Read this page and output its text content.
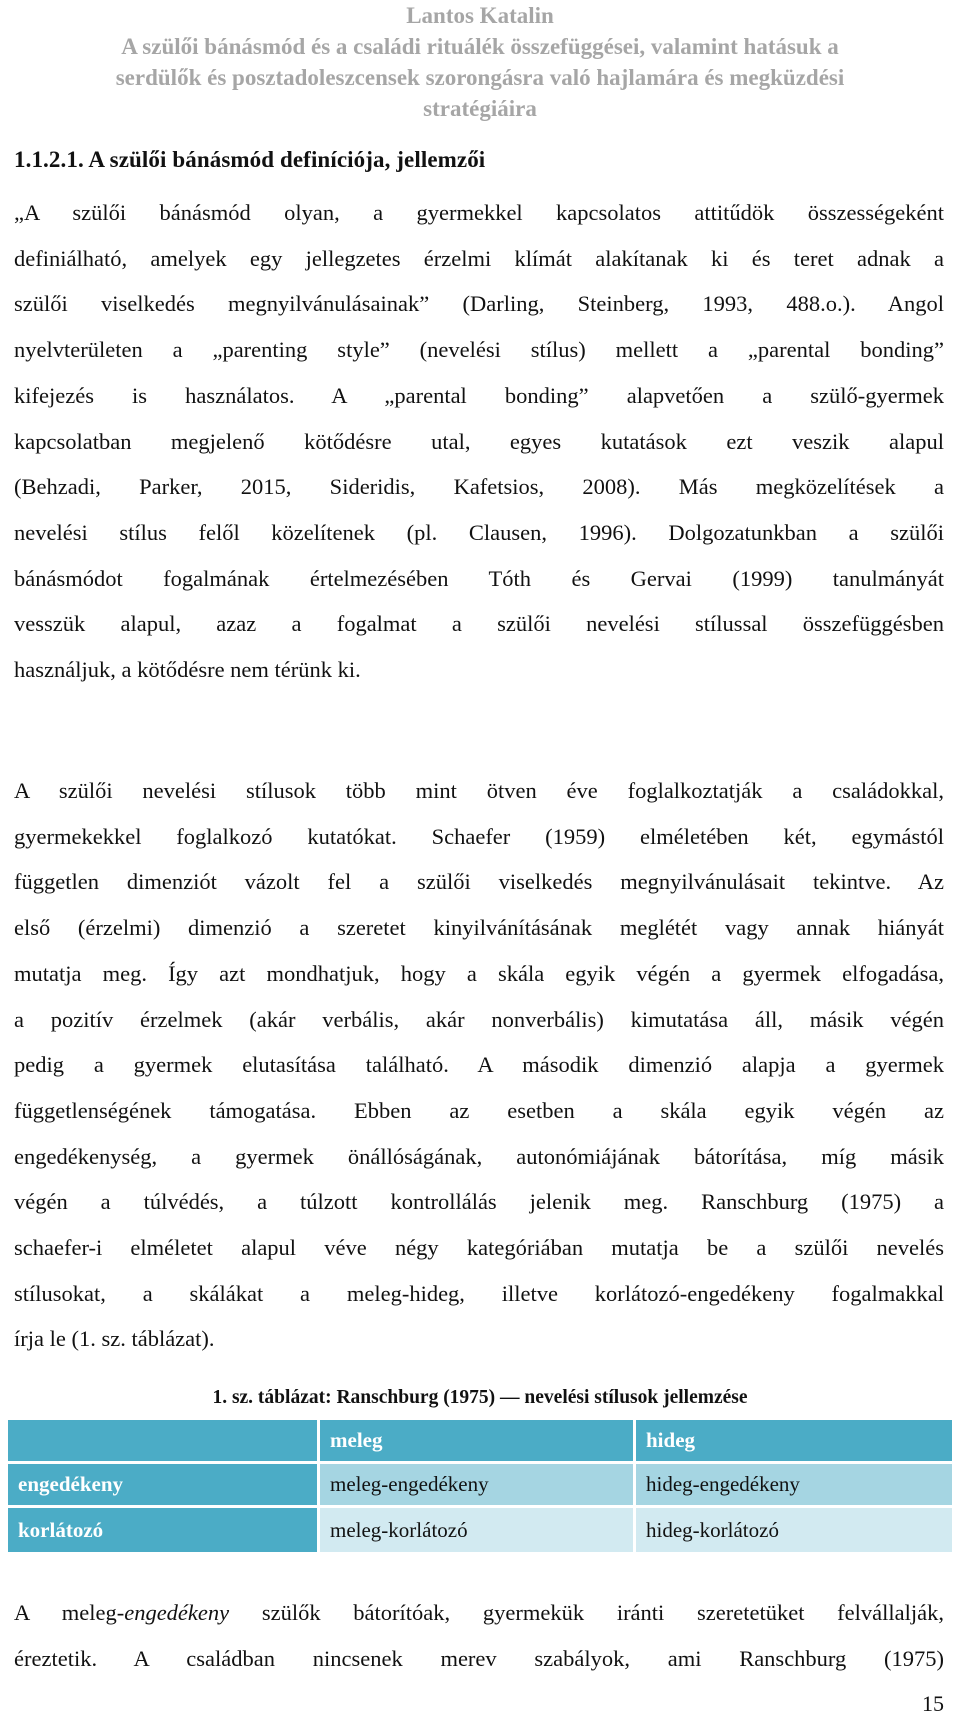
Lantos Katalin
A szülői bánásmód és a családi rituálék összefüggései, valamint hatásuk a
serdülők és posztadoleszcensek szorongásra való hajlamára és megküzdési
stratégiáira
1.1.2.1. A szülői bánásmód definíciója, jellemzői
„A szülői bánásmód olyan, a gyermekkel kapcsolatos attitűdök összességeként
definiálható, amelyek egy jellegzetes érzelmi klímát alakítanak ki és teret adnak a
szülői viselkedés megnyilvánulásainak” (Darling, Steinberg, 1993, 488.o.). Angol
nyelvterületen a „parenting style” (nevelési stílus) mellett a „parental bonding”
kifejezés is használatos. A „parental bonding” alapvetően a szülő-gyermek
kapcsolatban megjelenő kötődésre utal, egyes kutatások ezt veszik alapul
(Behzadi, Parker, 2015, Sideridis, Kafetsios, 2008). Más megközelítések a
nevelési stílus felől közelítenek (pl. Clausen, 1996). Dolgozatunkban a szülői
bánásmódot fogalmának értelmezésében Tóth és Gervai (1999) tanulmányát
vesszük alapul, azaz a fogalmat a szülői nevelési stílussal összefüggésben
használjuk, a kötődésre nem térünk ki.
A szülői nevelési stílusok több mint ötven éve foglalkoztatják a családokkal,
gyermekekkel foglalkozó kutatókat. Schaefer (1959) elméletében két, egymástól
független dimenziót vázolt fel a szülői viselkedés megnyilvánulásait tekintve. Az
első (érzelmi) dimenzió a szeretet kinyilvánításának meglétét vagy annak hiányát
mutatja meg. Így azt mondhatjuk, hogy a skála egyik végén a gyermek elfogadása,
a pozitív érzelmek (akár verbális, akár nonverbális) kimutatása áll, másik végén
pedig a gyermek elutasítása található. A második dimenzió alapja a gyermek
függetlenségének támogatása. Ebben az esetben a skála egyik végén az
engedékenység, a gyermek önállóságának, autonómiájának bátorítása, míg másik
végén a túlvédés, a túlzott kontrollálás jelenik meg. Ranschburg (1975) a
schaefer-i elméletet alapul véve négy kategóriában mutatja be a szülői nevelés
stílusokat, a skálákat a meleg-hideg, illetve korlátozó-engedékeny fogalmakkal
írja le (1. sz. táblázat).
1. sz. táblázat: Ranschburg (1975) — nevelési stílusok jellemzése
	meleg	hideg
engedékeny	meleg-engedékeny	hideg-engedékeny
korlátozó	meleg-korlátozó	hideg-korlátozó
A meleg-engedékeny szülők bátorítóak, gyermekük iránti szeretetüket felvállalják,
éreztetik. A családban nincsenek merev szabályok, ami Ranschburg (1975)
15
